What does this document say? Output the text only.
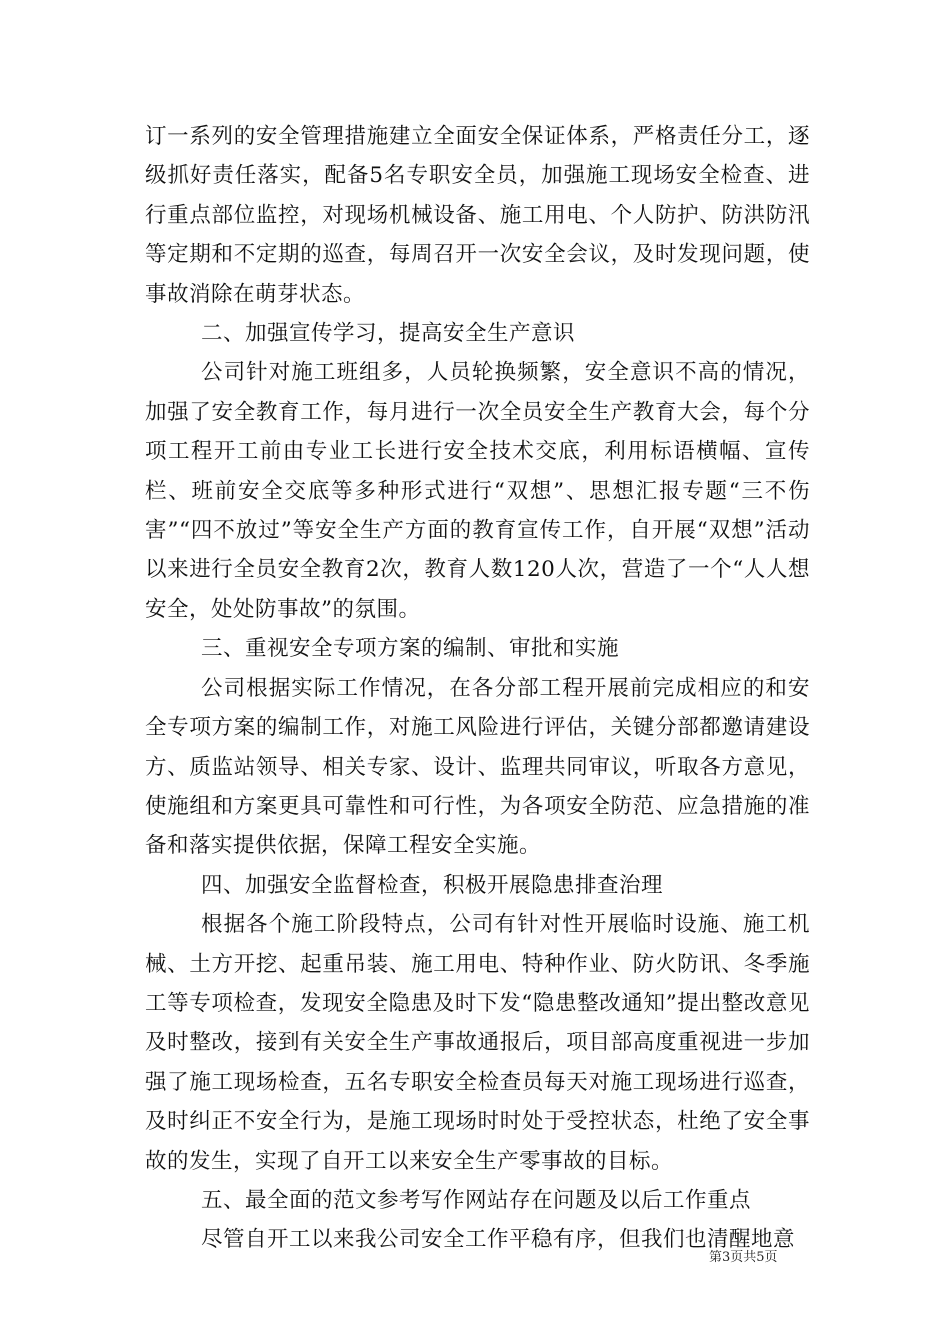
订一系列的安全管理措施建立全面安全保证体系，严格责任分工，逐级抓好责任落实，配备5名专职安全员，加强施工现场安全检查、进行重点部位监控，对现场机械设备、施工用电、个人防护、防洪防汛等定期和不定期的巡查，每周召开一次安全会议，及时发现问题，使事故消除在萌芽状态。

二、加强宣传学习，提高安全生产意识

公司针对施工班组多，人员轮换频繁，安全意识不高的情况，加强了安全教育工作，每月进行一次全员安全生产教育大会，每个分项工程开工前由专业工长进行安全技术交底，利用标语横幅、宣传栏、班前安全交底等多种形式进行“双想”、思想汇报专题“三不伤害”“四不放过”等安全生产方面的教育宣传工作，自开展“双想”活动以来进行全员安全教育2次，教育人数120人次，营造了一个“人人想安全，处处防事故”的氛围。

三、重视安全专项方案的编制、审批和实施

公司根据实际工作情况，在各分部工程开展前完成相应的和安全专项方案的编制工作，对施工风险进行评估，关键分部都邀请建设方、质监站领导、相关专家、设计、监理共同审议，听取各方意见，使施组和方案更具可靠性和可行性，为各项安全防范、应急措施的准备和落实提供依据，保障工程安全实施。

四、加强安全监督检查，积极开展隐患排查治理

根据各个施工阶段特点，公司有针对性开展临时设施、施工机械、土方开挖、起重吊装、施工用电、特种作业、防火防讯、冬季施工等专项检查，发现安全隐患及时下发“隐患整改通知”提出整改意见及时整改，接到有关安全生产事故通报后，项目部高度重视进一步加强了施工现场检查，五名专职安全检查员每天对施工现场进行巡查，及时纠正不安全行为，是施工现场时时处于受控状态，杜绝了安全事故的发生，实现了自开工以来安全生产零事故的目标。

五、最全面的范文参考写作网站存在问题及以后工作重点

尽管自开工以来我公司安全工作平稳有序，但我们也清醒地意

第3页共5页
